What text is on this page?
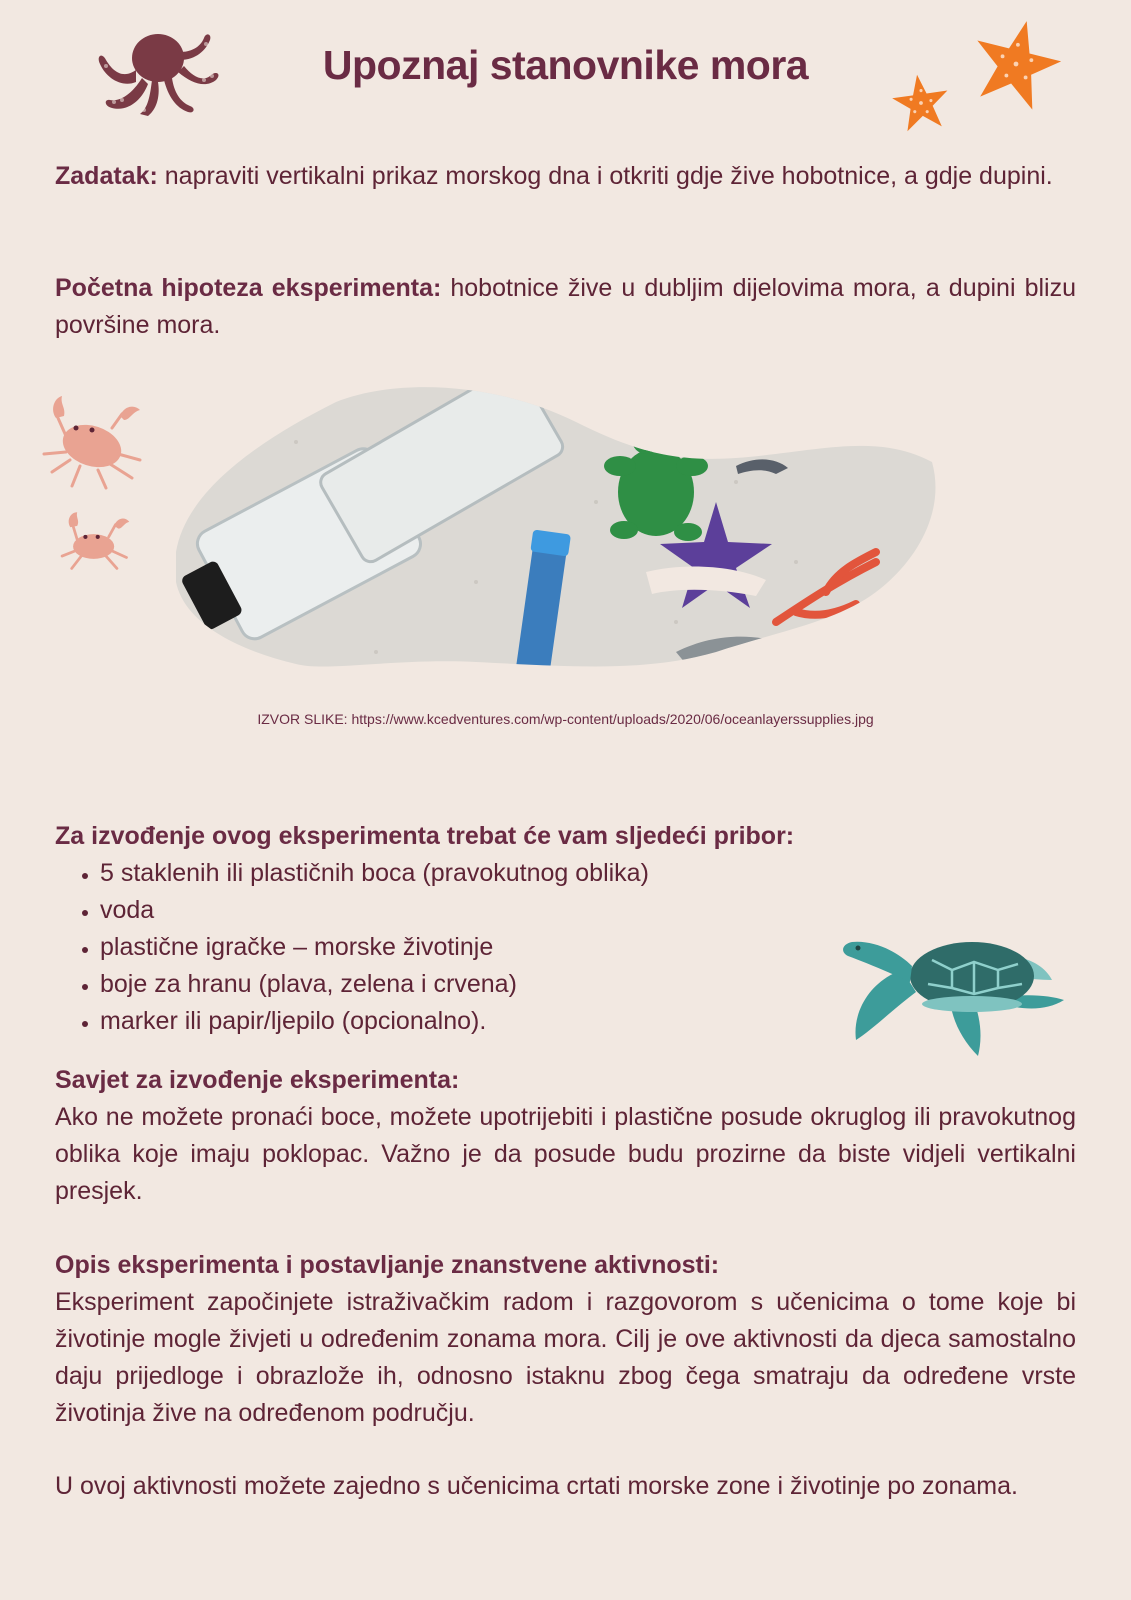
Upoznaj stanovnike mora

Zadatak: napraviti vertikalni prikaz morskog dna i otkriti gdje žive hobotnice, a gdje dupini.

Početna hipoteza eksperimenta: hobotnice žive u dubljim dijelovima mora, a dupini blizu površine mora.

IZVOR SLIKE: https://www.kcedventures.com/wp-content/uploads/2020/06/oceanlayerssupplies.jpg
Za izvođenje ovog eksperimenta trebat će vam sljedeći pribor:
• 5 staklenih ili plastičnih boca (pravokutnog oblika)
• voda
• plastične igračke – morske životinje
• boje za hranu (plava, zelena i crvena)
• marker ili papir/ljepilo (opcionalno).
Savjet za izvođenje eksperimenta:

Ako ne možete pronaći boce, možete upotrijebiti i plastične posude okruglog ili pravokutnog oblika koje imaju poklopac. Važno je da posude budu prozirne da biste vidjeli vertikalni presjek.

Opis eksperimenta i postavljanje znanstvene aktivnosti:

Eksperiment započinjete istraživačkim radom i razgovorom s učenicima o tome koje bi životinje mogle živjeti u određenim zonama mora. Cilj je ove aktivnosti da djeca samostalno daju prijedloge i obrazlože ih, odnosno istaknu zbog čega smatraju da određene vrste životinja žive na određenom području.

U ovoj aktivnosti možete zajedno s učenicima crtati morske zone i životinje po zonama.
